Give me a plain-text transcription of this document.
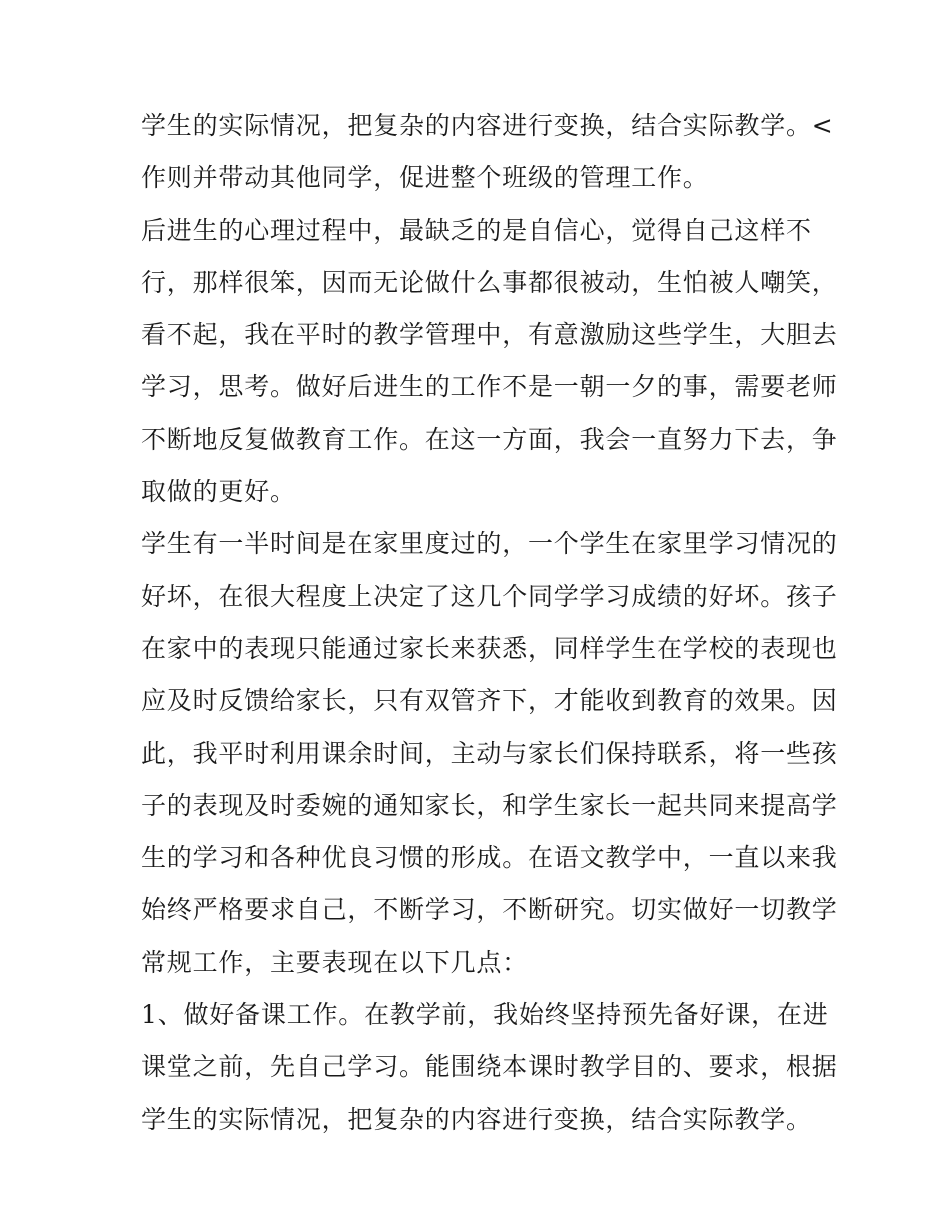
学生的实际情况，把复杂的内容进行变换，结合实际教学。<
作则并带动其他同学，促进整个班级的管理工作。
后进生的心理过程中，最缺乏的是自信心，觉得自己这样不
行，那样很笨，因而无论做什么事都很被动，生怕被人嘲笑，
看不起，我在平时的教学管理中，有意激励这些学生，大胆去
学习，思考。做好后进生的工作不是一朝一夕的事，需要老师
不断地反复做教育工作。在这一方面，我会一直努力下去，争
取做的更好。
学生有一半时间是在家里度过的，一个学生在家里学习情况的
好坏，在很大程度上决定了这几个同学学习成绩的好坏。孩子
在家中的表现只能通过家长来获悉，同样学生在学校的表现也
应及时反馈给家长，只有双管齐下，才能收到教育的效果。因
此，我平时利用课余时间，主动与家长们保持联系，将一些孩
子的表现及时委婉的通知家长，和学生家长一起共同来提高学
生的学习和各种优良习惯的形成。在语文教学中，一直以来我
始终严格要求自己，不断学习，不断研究。切实做好一切教学
常规工作，主要表现在以下几点：
1、做好备课工作。在教学前，我始终坚持预先备好课，在进
课堂之前，先自己学习。能围绕本课时教学目的、要求，根据
学生的实际情况，把复杂的内容进行变换，结合实际教学。
